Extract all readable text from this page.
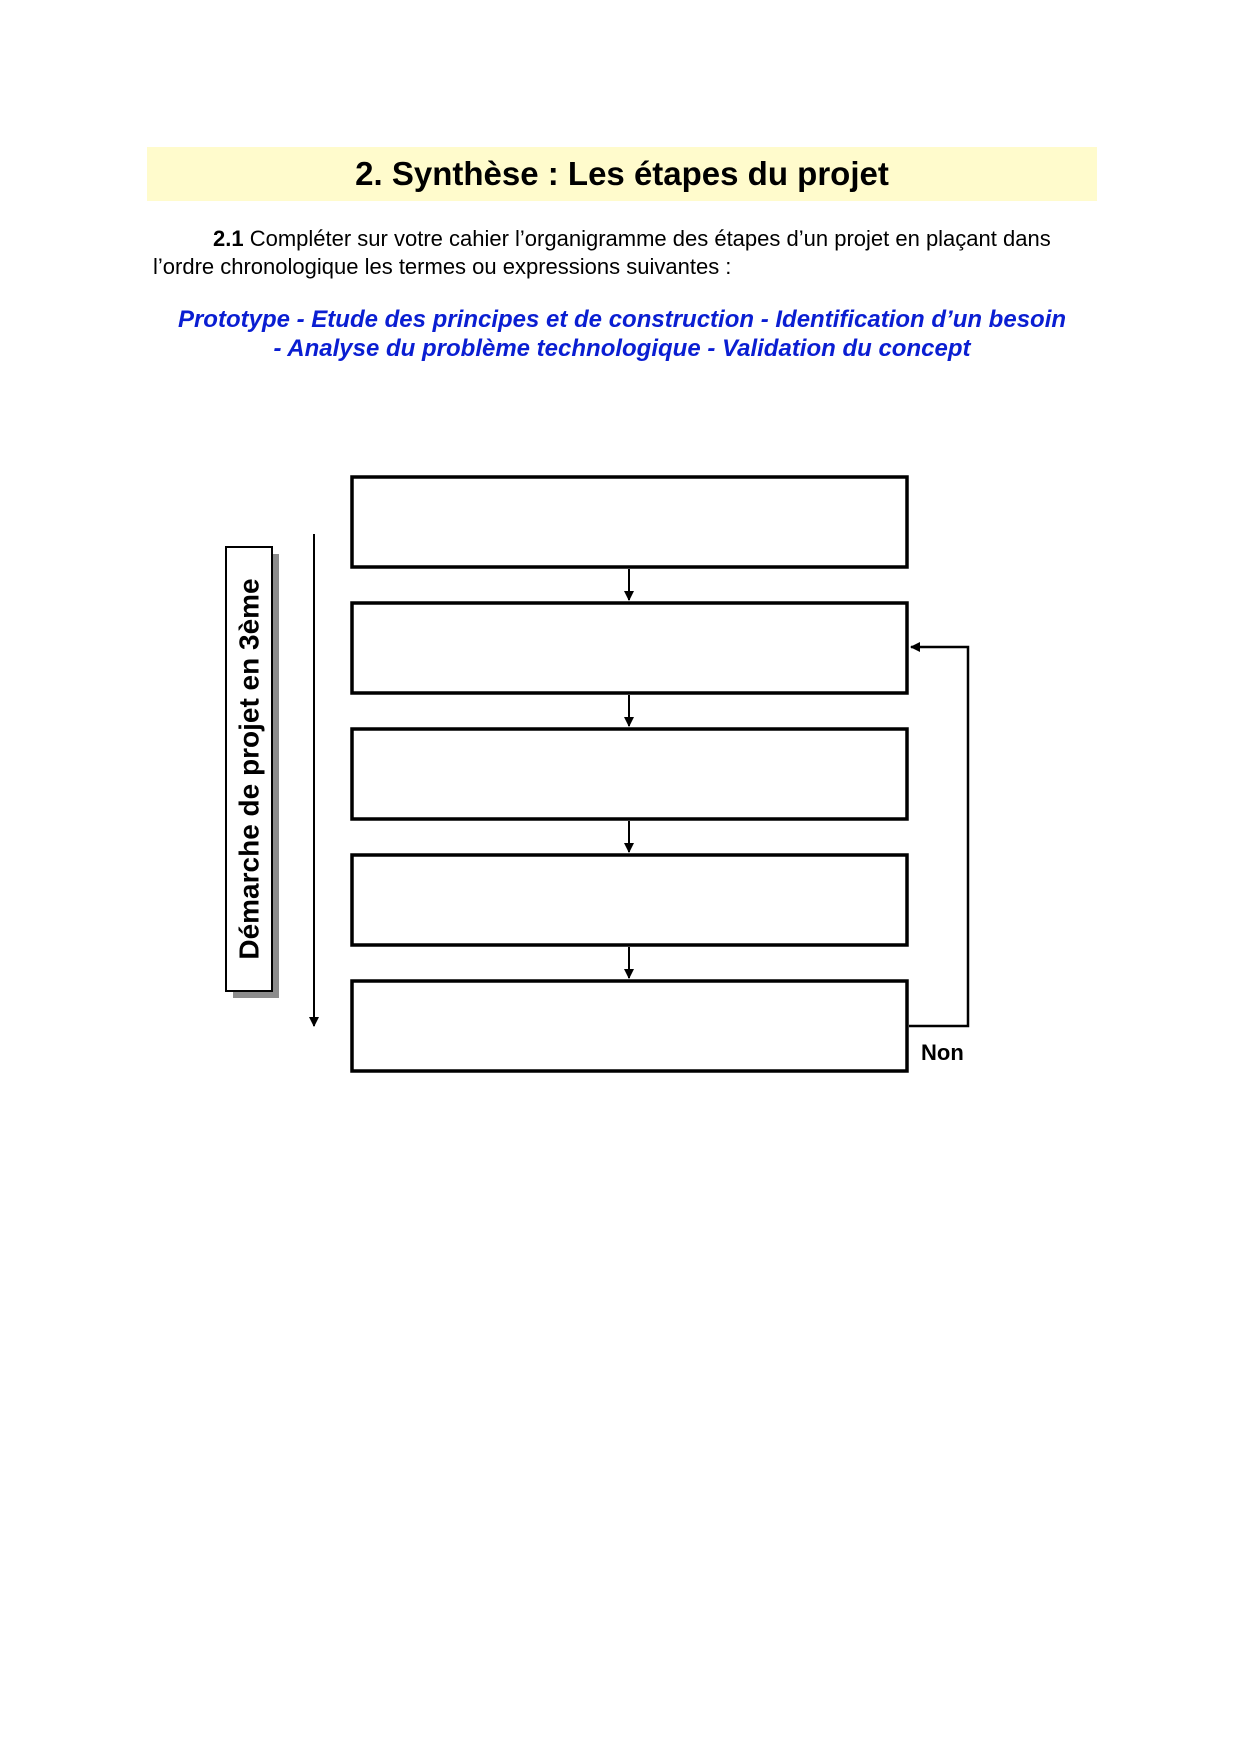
2. Synthèse : Les étapes du projet
2.1 Compléter sur votre cahier l’organigramme des étapes d’un projet en plaçant dans
l’ordre chronologique les termes ou expressions suivantes :
Prototype - Etude des principes et de construction - Identification d’un besoin
- Analyse du problème technologique - Validation du concept
Démarche de projet en 3ème
Non
